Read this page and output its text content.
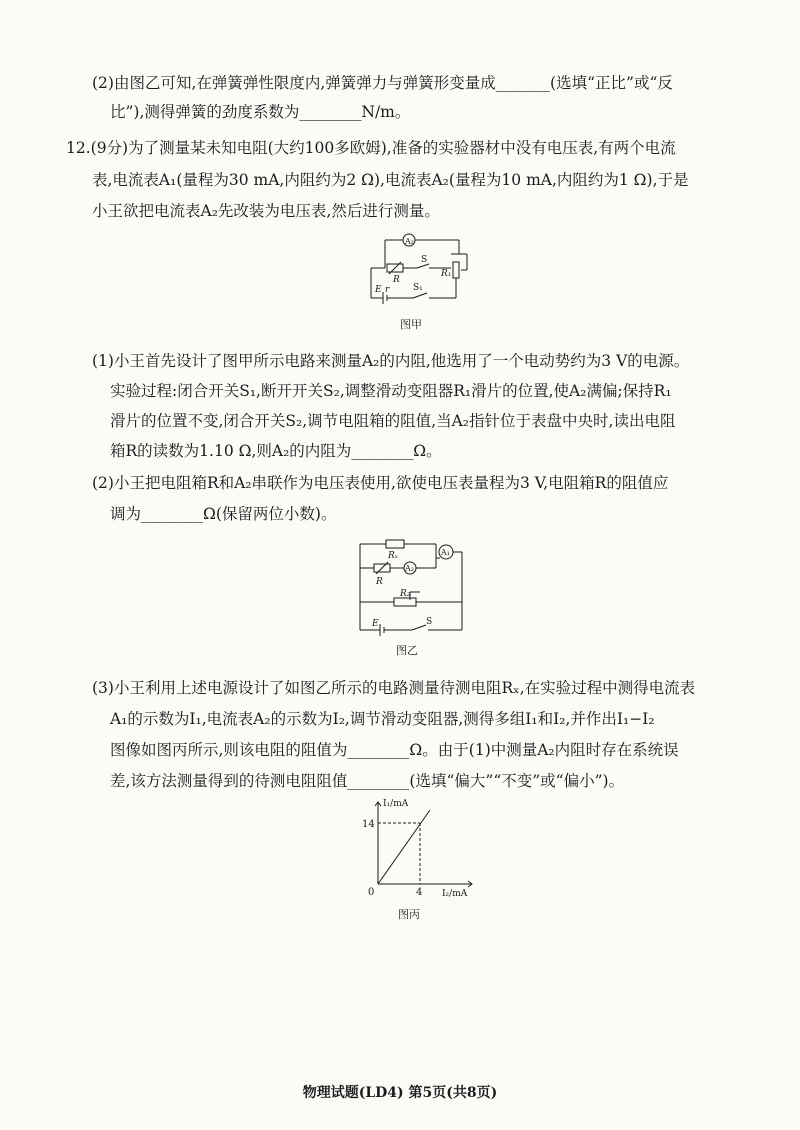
(2)由图乙可知,在弹簧弹性限度内,弹簧弹力与弹簧形变量成_______(选填“正比”或“反
比”),测得弹簧的劲度系数为________N/m。
12.(9分)为了测量某未知电阻(大约100多欧姆),准备的实验器材中没有电压表,有两个电流
表,电流表A₁(量程为30 mA,内阻约为2 Ω),电流表A₂(量程为10 mA,内阻约为1 Ω),于是
小王欲把电流表A₂先改装为电压表,然后进行测量。
A₂
R
S
R₁
E r	S₁
图甲
(1)小王首先设计了图甲所示电路来测量A₂的内阻,他选用了一个电动势约为3 V的电源。
实验过程:闭合开关S₁,断开开关S₂,调整滑动变阻器R₁滑片的位置,使A₂满偏;保持R₁
滑片的位置不变,闭合开关S₂,调节电阻箱的阻值,当A₂指针位于表盘中央时,读出电阻
箱R的读数为1.10 Ω,则A₂的内阻为________Ω。
(2)小王把电阻箱R和A₂串联作为电压表使用,欲使电压表量程为3 V,电阻箱R的阻值应
调为________Ω(保留两位小数)。
Rₓ	A₁
R
A₂
R₂
E	S
图乙
(3)小王利用上述电源设计了如图乙所示的电路测量待测电阻Rₓ,在实验过程中测得电流表
A₁的示数为I₁,电流表A₂的示数为I₂,调节滑动变阻器,测得多组I₁和I₂,并作出I₁−I₂
图像如图丙所示,则该电阻的阻值为________Ω。由于(1)中测量A₂内阻时存在系统误
差,该方法测量得到的待测电阻阻值________(选填“偏大”“不变”或“偏小”)。
I₁/mA
I₂/mA
14
4
0
图丙
物理试题(LD4) 第5页(共8页)
